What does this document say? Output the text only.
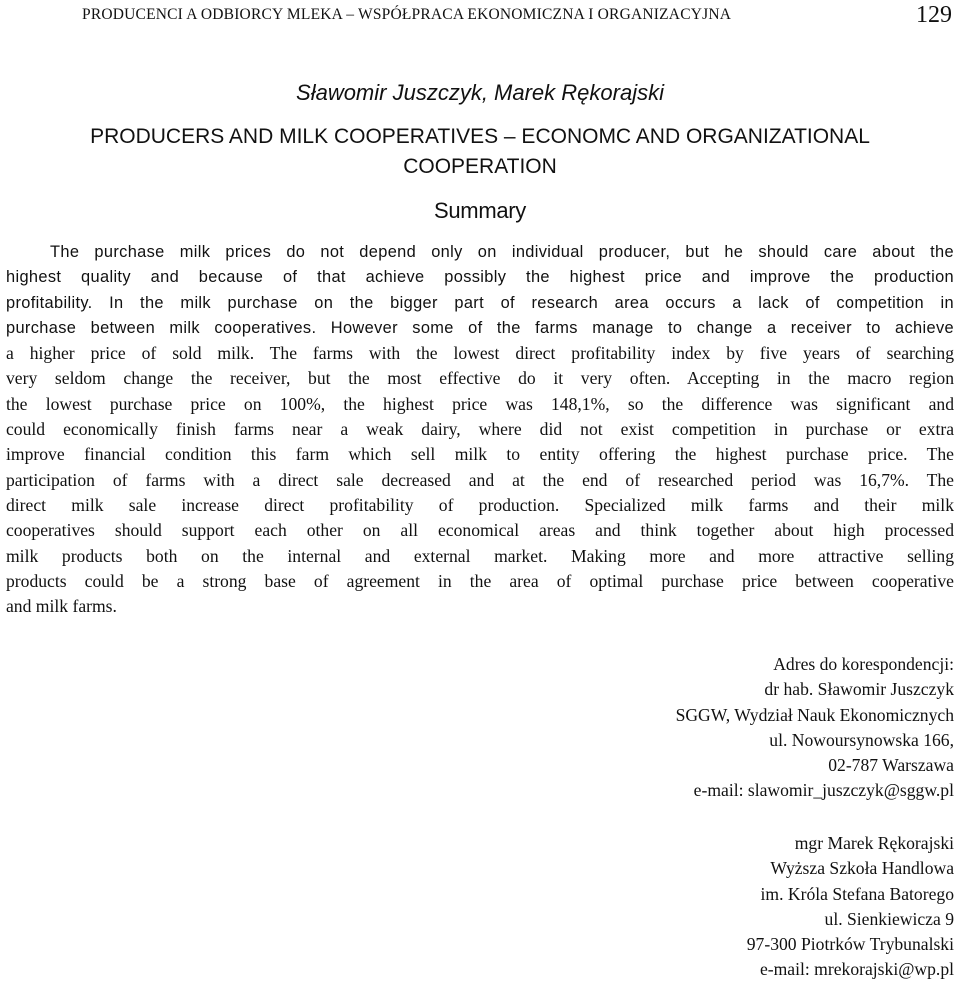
PRODUCENCI A ODBIORCY MLEKA – WSPÓŁPRACA EKONOMICZNA I ORGANIZACYJNA	129
Sławomir Juszczyk, Marek Rękorajski
PRODUCERS AND MILK COOPERATIVES – ECONOMC AND ORGANIZATIONAL
COOPERATION
Summary
The purchase milk prices do not depend only on individual producer, but he should care about the
highest quality and because of that achieve possibly the highest price and improve the production
profitability. In the milk purchase on the bigger part of research area occurs a lack of competition in
purchase between milk cooperatives. However some of the farms manage to change a receiver to achieve
a higher price of sold milk. The farms with the lowest direct profitability index by five years of searching
very seldom change the receiver, but the most effective do it very often. Accepting in the macro region
the lowest purchase price on 100%, the highest price was 148,1%, so the difference was significant and
could economically finish farms near a weak dairy, where did not exist competition in purchase or extra
improve financial condition this farm which sell milk to entity offering the highest purchase price. The
participation of farms with a direct sale decreased and at the end of researched period was 16,7%. The
direct milk sale increase direct profitability of production. Specialized milk farms and their milk
cooperatives should support each other on all economical areas and think together about high processed
milk products both on the internal and external market. Making more and more attractive selling
products could be a strong base of agreement in the area of optimal purchase price between cooperative
and milk farms.
Adres do korespondencji:
dr hab. Sławomir Juszczyk
SGGW, Wydział Nauk Ekonomicznych
ul. Nowoursynowska 166,
02-787 Warszawa
e-mail: slawomir_juszczyk@sggw.pl
mgr Marek Rękorajski
Wyższa Szkoła Handlowa
im. Króla Stefana Batorego
ul. Sienkiewicza 9
97-300 Piotrków Trybunalski
e-mail: mrekorajski@wp.pl
